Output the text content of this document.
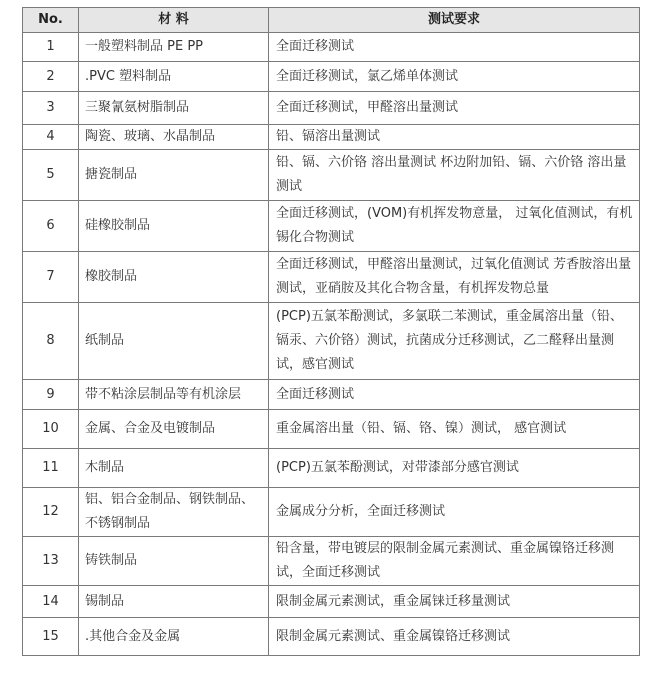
No.	材 料	测试要求
1	一般塑料制品 PE PP	全面迁移测试
2	.PVC 塑料制品	全面迁移测试，氯乙烯单体测试
3	三聚氰氨树脂制品	全面迁移测试，甲醛溶出量测试
4	陶瓷、玻璃、水晶制品	铅、镉溶出量测试
5	搪瓷制品	铅、镉、六价铬 溶出量测试 杯边附加铅、镉、六价铬 溶出量测试
6	硅橡胶制品	全面迁移测试，(VOM)有机挥发物意量， 过氧化值测试，有机锡化合物测试
7	橡胶制品	全面迁移测试，甲醛溶出量测试，过氧化值测试 芳香胺溶出量测试，亚硝胺及其化合物含量，有机挥发物总量
8	纸制品	(PCP)五氯苯酚测试，多氯联二苯测试，重金属溶出量（铅、镉汞、六价铬）测试，抗菌成分迁移测试，乙二醛释出量测试，感官测试
9	带不粘涂层制品等有机涂层	全面迁移测试
10	金属、合金及电镀制品	重金属溶出量（铅、镉、铬、镍）测试， 感官测试
11	木制品	(PCP)五氯苯酚测试，对带漆部分感官测试
12	铝、铝合金制品、钢铁制品、不锈钢制品	金属成分分析，全面迁移测试
13	铸铁制品	铅含量，带电镀层的限制金属元素测试、重金属镍铬迁移测试，全面迁移测试
14	锡制品	限制金属元素测试，重金属铼迁移量测试
15	.其他合金及金属	限制金属元素测试、重金属镍铬迁移测试
